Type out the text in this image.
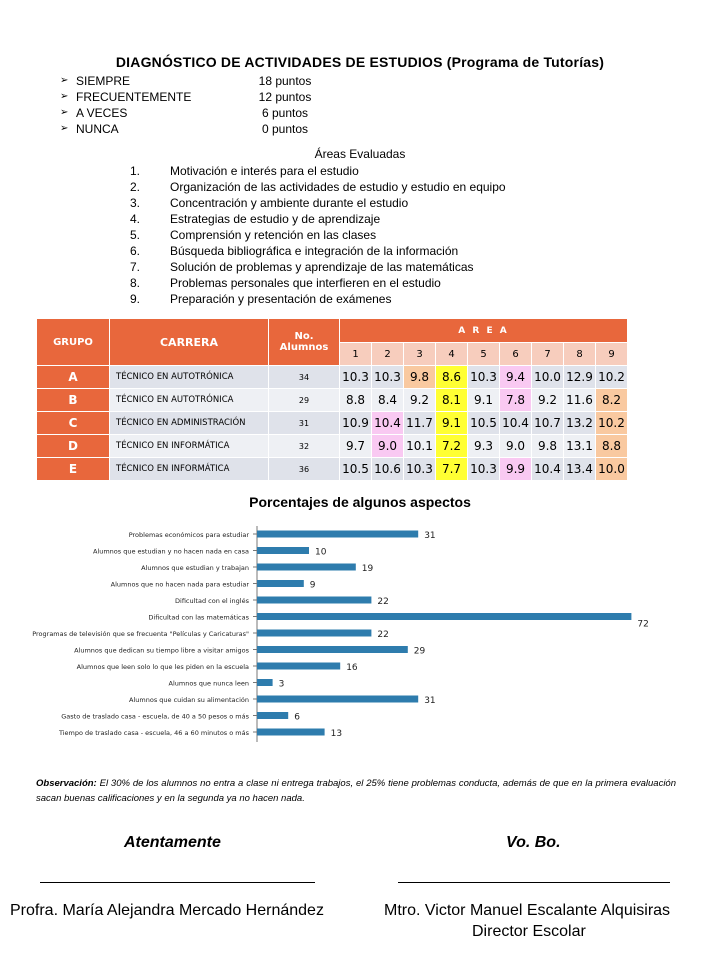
DIAGNÓSTICO DE ACTIVIDADES DE ESTUDIOS (Programa de Tutorías)
➢ SIEMPRE	18 puntos
➢ FRECUENTEMENTE	12 puntos
➢ A VECES	6 puntos
➢ NUNCA	0 puntos
Áreas Evaluadas
1.	Motivación e interés para el estudio
2.	Organización de las actividades de estudio y estudio en equipo
3.	Concentración y ambiente durante el estudio
4.	Estrategias de estudio y de aprendizaje
5.	Comprensión y retención en las clases
6.	Búsqueda bibliográfica e integración de la información
7.	Solución de problemas y aprendizaje de las matemáticas
8.	Problemas personales que interfieren en el estudio
9.	Preparación y presentación de exámenes
GRUPO	CARRERA	No. Alumnos	A R E A								
			1	2	3	4	5	6	7	8	9
A	TÉCNICO EN AUTOTRÓNICA	34	10.3	10.3	9.8	8.6	10.3	9.4	10.0	12.9	10.2
B	TÉCNICO EN AUTOTRÓNICA	29	8.8	8.4	9.2	8.1	9.1	7.8	9.2	11.6	8.2
C	TÉCNICO EN ADMINISTRACIÓN	31	10.9	10.4	11.7	9.1	10.5	10.4	10.7	13.2	10.2
D	TÉCNICO EN INFORMÁTICA	32	9.7	9.0	10.1	7.2	9.3	9.0	9.8	13.1	8.8
E	TÉCNICO EN INFORMÁTICA	36	10.5	10.6	10.3	7.7	10.3	9.9	10.4	13.4	10.0
Porcentajes de algunos aspectos
Problemas económicos para estudiar	31
Alumnos que estudian y no hacen nada en casa	10
Alumnos que estudian y trabajan	19
Alumnos que no hacen nada para estudiar	9
Dificultad con el inglés	22
Dificultad con las matemáticas
72
Programas de televisión que se frecuenta "Películas y Caricaturas"	22
Alumnos que dedican su tiempo libre a visitar amigos	29
Alumnos que leen solo lo que les piden en la escuela	16
Alumnos que nunca leen	3
Alumnos que cuidan su alimentación	31
Gasto de traslado casa - escuela, de 40 a 50 pesos o más	6
Tiempo de traslado casa - escuela, 46 a 60 minutos o más	13
Observación: El 30% de los alumnos no entra a clase ni entrega trabajos, el 25% tiene problemas conducta, además de que en la primera evaluación sacan buenas calificaciones y en la segunda ya no hacen nada.
Atentamente	Vo. Bo.
Profra. María Alejandra Mercado Hernández	Mtro. Victor Manuel Escalante Alquisiras
Director Escolar
